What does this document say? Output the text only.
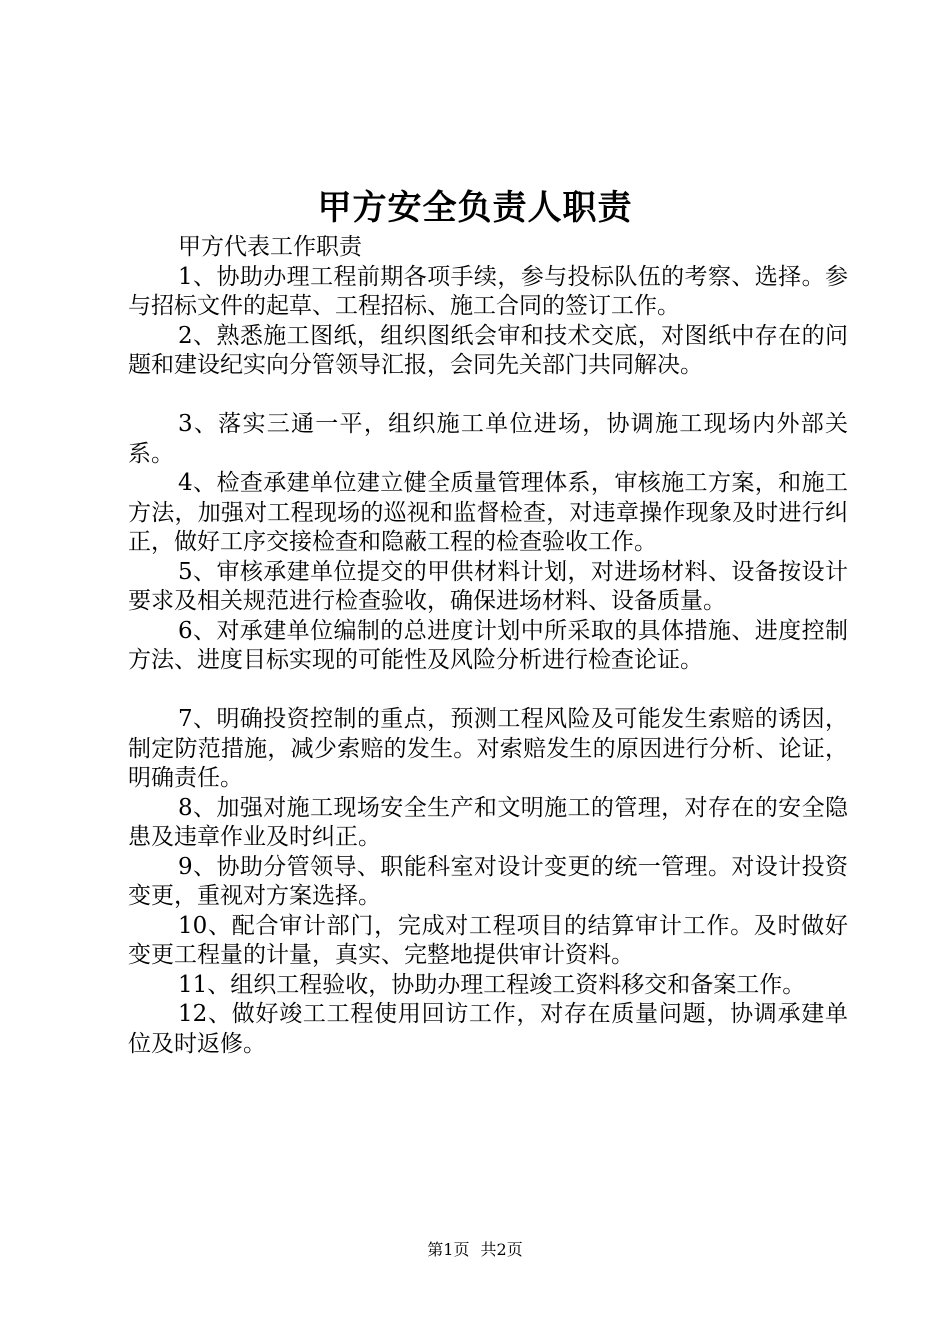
甲方安全负责人职责

甲方代表工作职责

1、协助办理工程前期各项手续，参与投标队伍的考察、选择。参与招标文件的起草、工程招标、施工合同的签订工作。

2、熟悉施工图纸，组织图纸会审和技术交底，对图纸中存在的问题和建设纪实向分管领导汇报，会同先关部门共同解决。

3、落实三通一平，组织施工单位进场，协调施工现场内外部关系。

4、检查承建单位建立健全质量管理体系，审核施工方案，和施工方法，加强对工程现场的巡视和监督检查，对违章操作现象及时进行纠正，做好工序交接检查和隐蔽工程的检查验收工作。

5、审核承建单位提交的甲供材料计划，对进场材料、设备按设计要求及相关规范进行检查验收，确保进场材料、设备质量。

6、对承建单位编制的总进度计划中所采取的具体措施、进度控制方法、进度目标实现的可能性及风险分析进行检查论证。

7、明确投资控制的重点，预测工程风险及可能发生索赔的诱因，制定防范措施，减少索赔的发生。对索赔发生的原因进行分析、论证，明确责任。

8、加强对施工现场安全生产和文明施工的管理，对存在的安全隐患及违章作业及时纠正。

9、协助分管领导、职能科室对设计变更的统一管理。对设计投资变更，重视对方案选择。

10、配合审计部门，完成对工程项目的结算审计工作。及时做好变更工程量的计量，真实、完整地提供审计资料。

11、组织工程验收，协助办理工程竣工资料移交和备案工作。

12、做好竣工工程使用回访工作，对存在质量问题，协调承建单位及时返修。

第1页 共2页
